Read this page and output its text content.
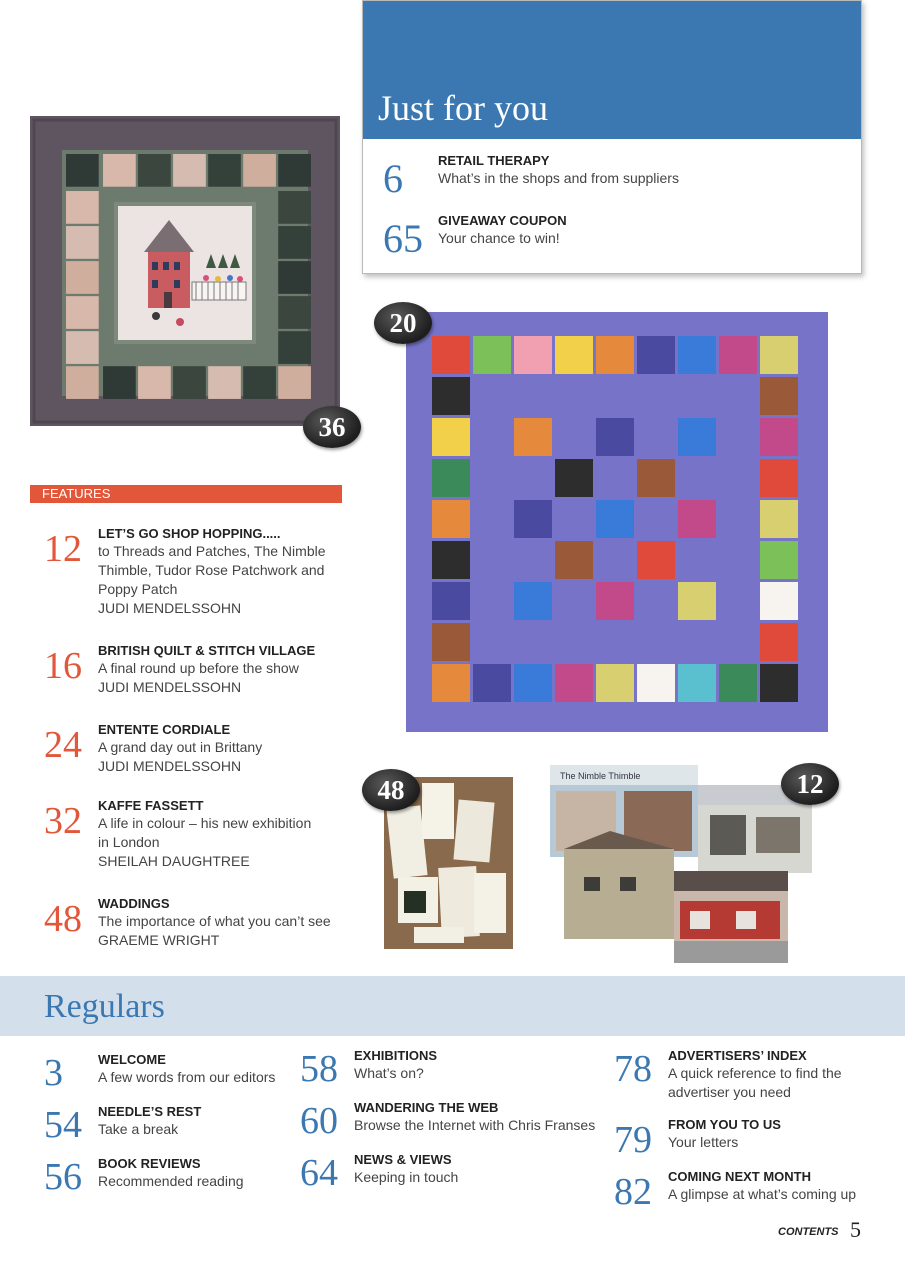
Just for you
6	RETAIL THERAPY
What’s in the shops and from suppliers
65 GIVEAWAY COUPON
Your chance to win!
36
20
FEATURES
12 LET’S GO SHOP HOPPING.....
to Threads and Patches, The Nimble
Thimble, Tudor Rose Patchwork and
Poppy Patch
JUDI MENDELSSOHN
16 BRITISH QUILT & STITCH VILLAGE
A final round up before the show
JUDI MENDELSSOHN
24 ENTENTE CORDIALE
A grand day out in Brittany
JUDI MENDELSSOHN
32 KAFFE FASSETT
A life in colour – his new exhibition
in London
SHEILAH DAUGHTREE
48 WADDINGS
The importance of what you can’t see
GRAEME WRIGHT
48	The Nimble Thimble	12
Regulars
3	WELCOME
A few words from our editors
54 NEEDLE’S REST
Take a break
56 BOOK REVIEWS
Recommended reading
58 EXHIBITIONS
What’s on?
60 WANDERING THE WEB
Browse the Internet with Chris Franses
64 NEWS & VIEWS
Keeping in touch
78 ADVERTISERS’ INDEX
A quick reference to find the
advertiser you need
79 FROM YOU TO US
Your letters
82 COMING NEXT MONTH
A glimpse at what’s coming up
CONTENTS 5
